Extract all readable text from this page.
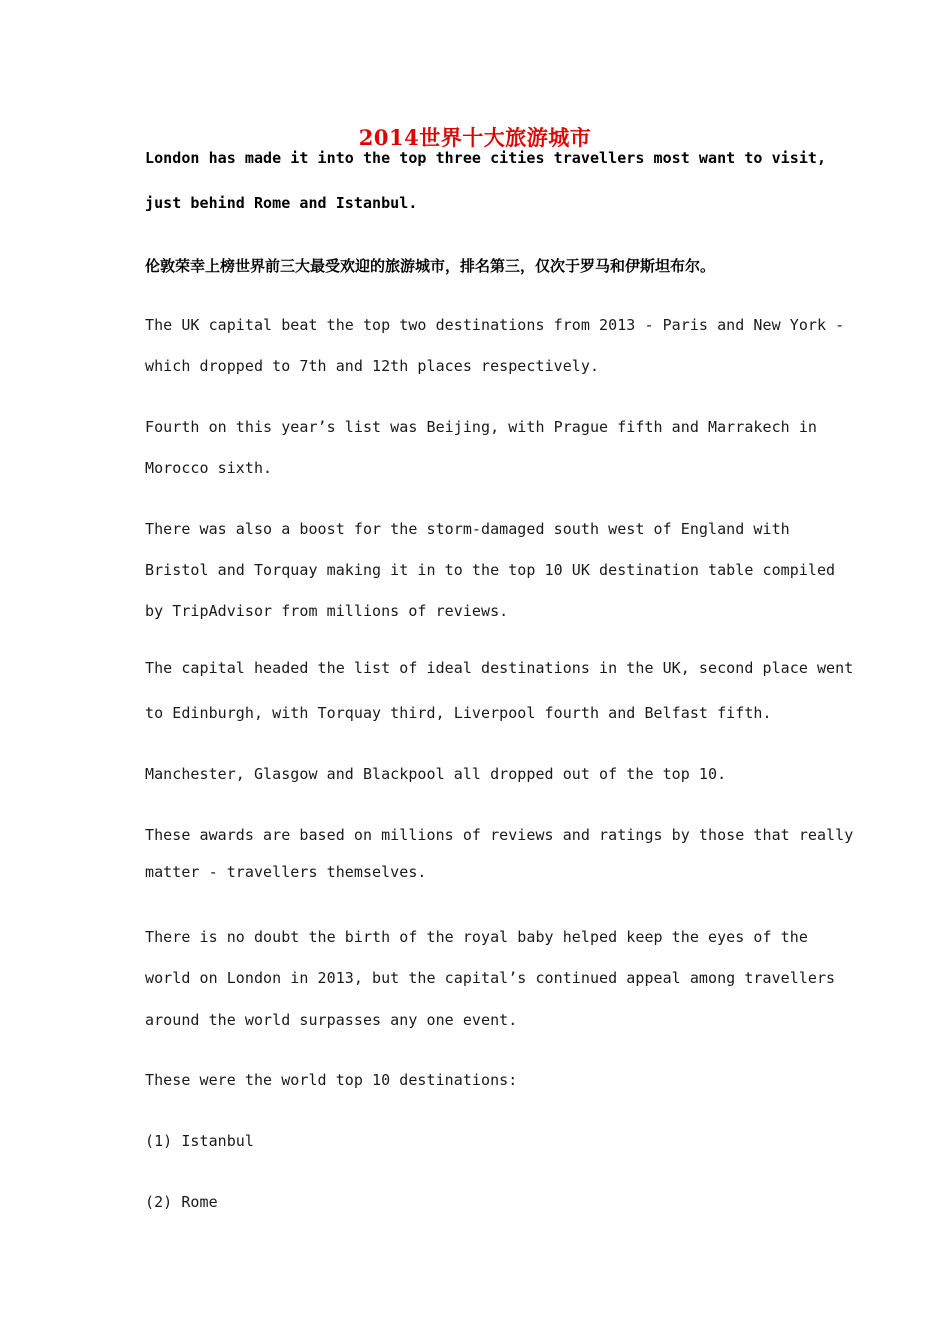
2014世界十大旅游城市
London has made it into the top three cities travellers most want to visit,
just behind Rome and Istanbul.
伦敦荣幸上榜世界前三大最受欢迎的旅游城市，排名第三，仅次于罗马和伊斯坦布尔。
The UK capital beat the top two destinations from 2013 - Paris and New York -
which dropped to 7th and 12th places respectively.
Fourth on this year’s list was Beijing, with Prague fifth and Marrakech in
Morocco sixth.
There was also a boost for the storm-damaged south west of England with
Bristol and Torquay making it in to the top 10 UK destination table compiled
by TripAdvisor from millions of reviews.
The capital headed the list of ideal destinations in the UK, second place went
to Edinburgh, with Torquay third, Liverpool fourth and Belfast fifth.
Manchester, Glasgow and Blackpool all dropped out of the top 10.
These awards are based on millions of reviews and ratings by those that really
matter - travellers themselves.
There is no doubt the birth of the royal baby helped keep the eyes of the
world on London in 2013, but the capital’s continued appeal among travellers
around the world surpasses any one event.
These were the world top 10 destinations:
(1) Istanbul
(2) Rome
